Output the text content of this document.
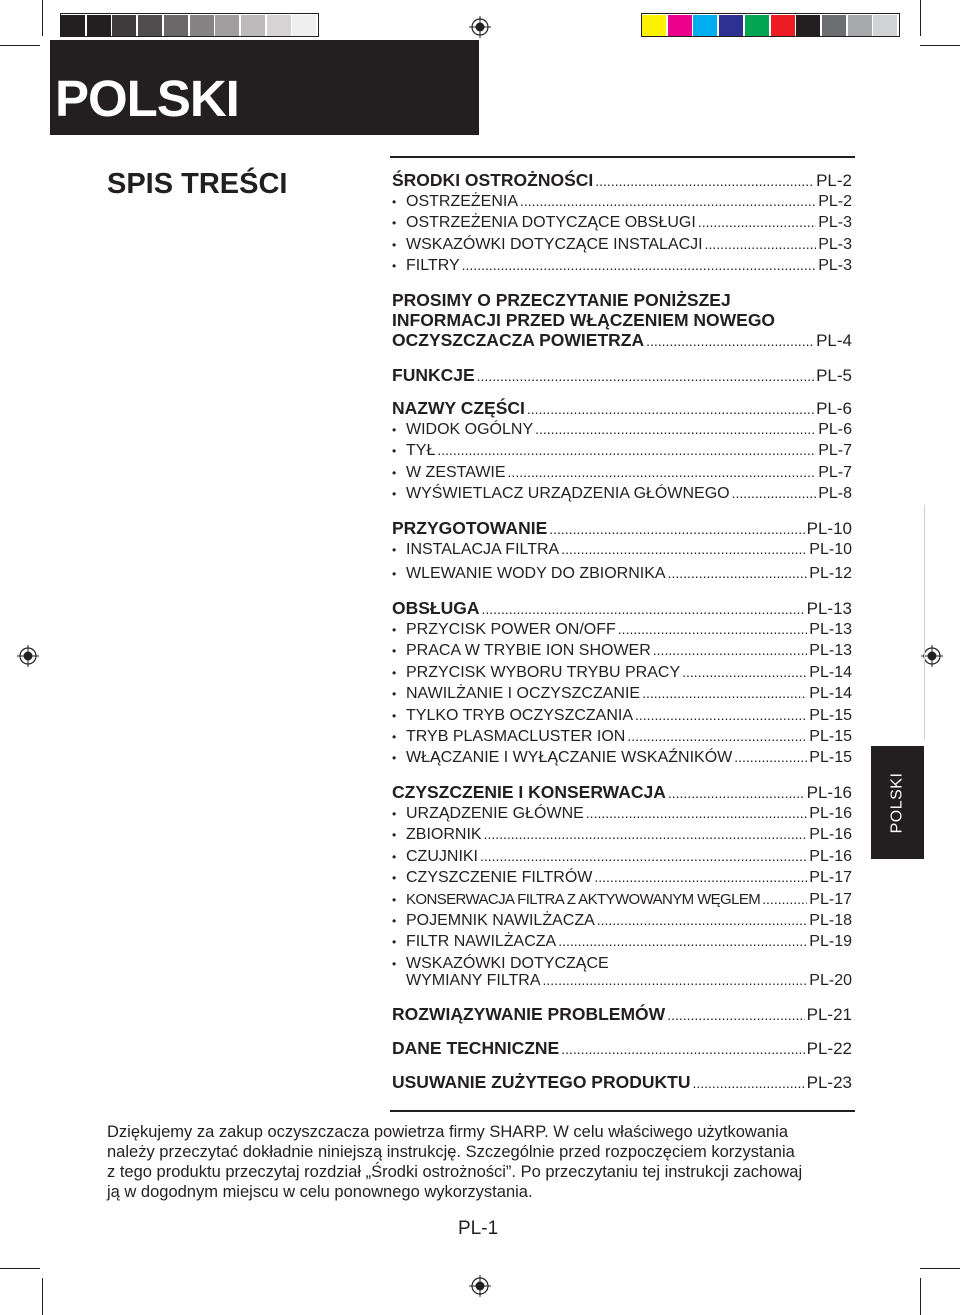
POLSKI
SPIS TREŚCI	ŚRODKI OSTROŻNOŚCI .....	PL-2
• OSTRZEŻENIA .....	PL-2
• OSTRZEŻENIA DOTYCZĄCE OBSŁUGI .....	PL-3
• WSKAZÓWKI DOTYCZĄCE INSTALACJI .....	PL-3
• FILTRY .....	PL-3
PROSIMY O PRZECZYTANIE PONIŻSZEJ
INFORMACJI PRZED WŁĄCZENIEM NOWEGO
OCZYSZCZACZA POWIETRZA .....	PL-4
FUNKCJE .....	PL-5
NAZWY CZĘŚCI .....	PL-6
• WIDOK OGÓLNY .....	PL-6
• TYŁ .....	PL-7
• W ZESTAWIE .....	PL-7
• WYŚWIETLACZ URZĄDZENIA GŁÓWNEGO .....	PL-8
PRZYGOTOWANIE .....	PL-10
• INSTALACJA FILTRA .....	PL-10
• WLEWANIE WODY DO ZBIORNIKA .....	PL-12
OBSŁUGA .....	PL-13
• PRZYCISK POWER ON/OFF .....	PL-13
• PRACA W TRYBIE ION SHOWER .....	PL-13
• PRZYCISK WYBORU TRYBU PRACY .....	PL-14
• NAWILŻANIE I OCZYSZCZANIE .....	PL-14
• TYLKO TRYB OCZYSZCZANIA .....	PL-15
• TRYB PLASMACLUSTER ION .....	PL-15
• WŁĄCZANIE I WYŁĄCZANIE WSKAŹNIKÓW .....	PL-15
CZYSZCZENIE I KONSERWACJA .....	PL-16
• URZĄDZENIE GŁÓWNE .....	PL-16
• ZBIORNIK .....	PL-16
• CZUJNIKI .....	PL-16
• CZYSZCZENIE FILTRÓW .....	PL-17
• KONSERWACJA FILTRA Z AKTYWOWANYM WĘGLEM .....	PL-17
• POJEMNIK NAWILŻACZA .....	PL-18
• FILTR NAWILŻACZA .....	PL-19
• WSKAZÓWKI DOTYCZĄCE
WYMIANY FILTRA .....	PL-20
ROZWIĄZYWANIE PROBLEMÓW .....	PL-21
DANE TECHNICZNE .....	PL-22
USUWANIE ZUŻYTEGO PRODUKTU .....	PL-23
POLSKI

Dziękujemy za zakup oczyszczacza powietrza firmy SHARP. W celu właściwego użytkowania

należy przeczytać dokładnie niniejszą instrukcję. Szczególnie przed rozpoczęciem korzystania

z tego produktu przeczytaj rozdział „Środki ostrożności”. Po przeczytaniu tej instrukcji zachowaj

ją w dogodnym miejscu w celu ponownego wykorzystania.

PL-1
